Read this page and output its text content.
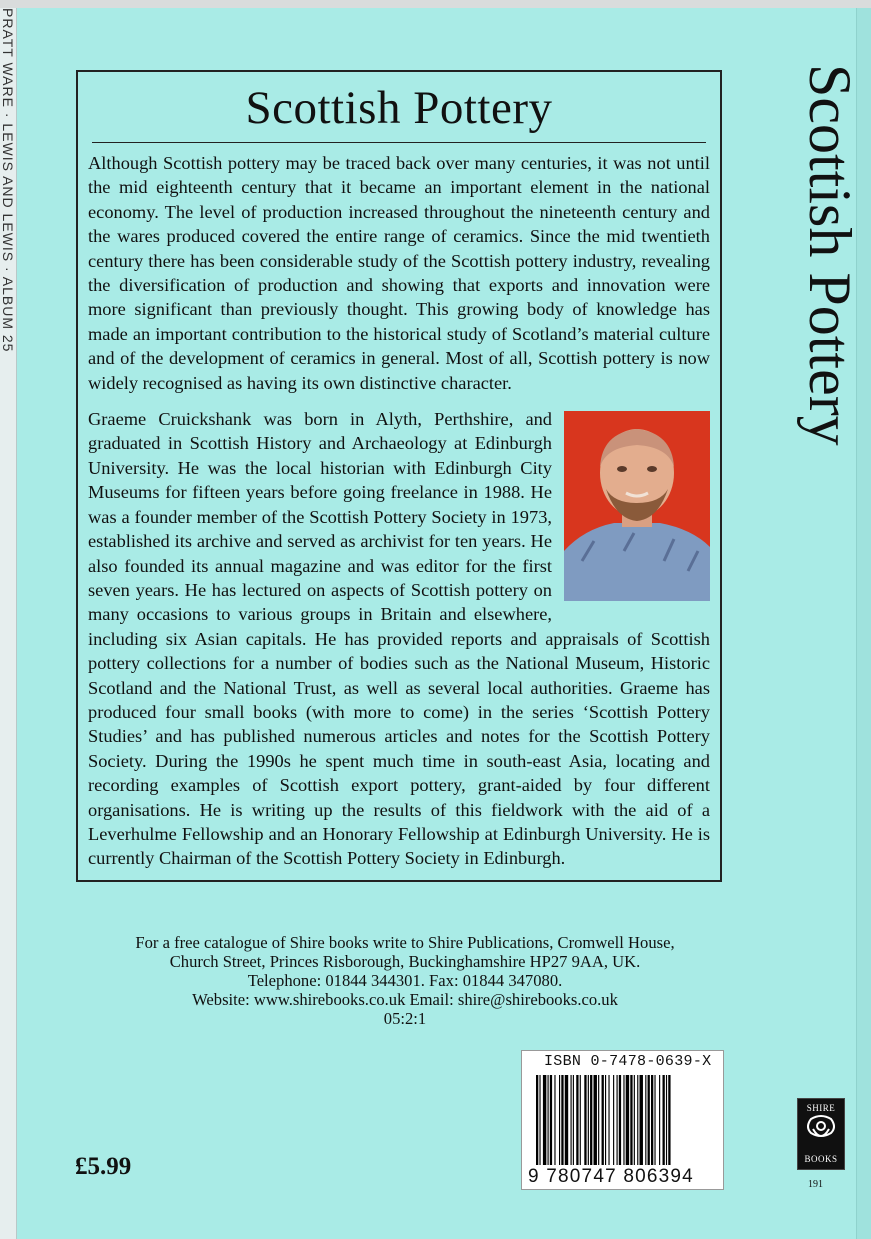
PRATT WARE · LEWIS AND LEWIS · ALBUM 25	Scottish Pottery

Although Scottish pottery may be traced back over many centuries, it was not until the mid eighteenth century that it became an important element in the national economy. The level of production increased throughout the nineteenth century and the wares produced covered the entire range of ceramics. Since the mid twentieth century there has been considerable study of the Scottish pottery industry, revealing the diversification of production and showing that exports and innovation were more significant than previously thought. This growing body of knowledge has made an important contribution to the historical study of Scotland’s material culture and of the development of ceramics in general. Most of all, Scottish pottery is now widely recognised as having its own distinctive character.

Graeme Cruickshank was born in Alyth, Perthshire, and graduated in Scottish History and Archaeology at Edinburgh University. He was the local historian with Edinburgh City Museums for fifteen years before going freelance in 1988. He was a founder member of the Scottish Pottery Society in 1973, established its archive and served as archivist for ten years. He also founded its annual magazine and was editor for the first seven years. He has lectured on aspects of Scottish pottery on many occasions to various groups in Britain and elsewhere, including six Asian capitals. He has provided reports and appraisals of Scottish pottery collections for a number of bodies such as the National Museum, Historic Scotland and the National Trust, as well as several local authorities. Graeme has produced four small books (with more to come) in the series ‘Scottish Pottery Studies’ and has published numerous articles and notes for the Scottish Pottery Society. During the 1990s he spent much time in south-east Asia, locating and recording examples of Scottish export pottery, grant-aided by four different organisations. He is writing up the results of this fieldwork with the aid of a Leverhulme Fellowship and an Honorary Fellowship at Edinburgh University. He is currently Chairman of the Scottish Pottery Society in Edinburgh.
Scottish Pottery
For a free catalogue of Shire books write to Shire Publications, Cromwell House,
Church Street, Princes Risborough, Buckinghamshire HP27 9AA, UK.
Telephone: 01844 344301. Fax: 01844 347080.
Website: www.shirebooks.co.uk Email: shire@shirebooks.co.uk
05:2:1
ISBN 0-7478-0639-X
9 780747 806394
£5.99
SHIRE
BOOKS
191
